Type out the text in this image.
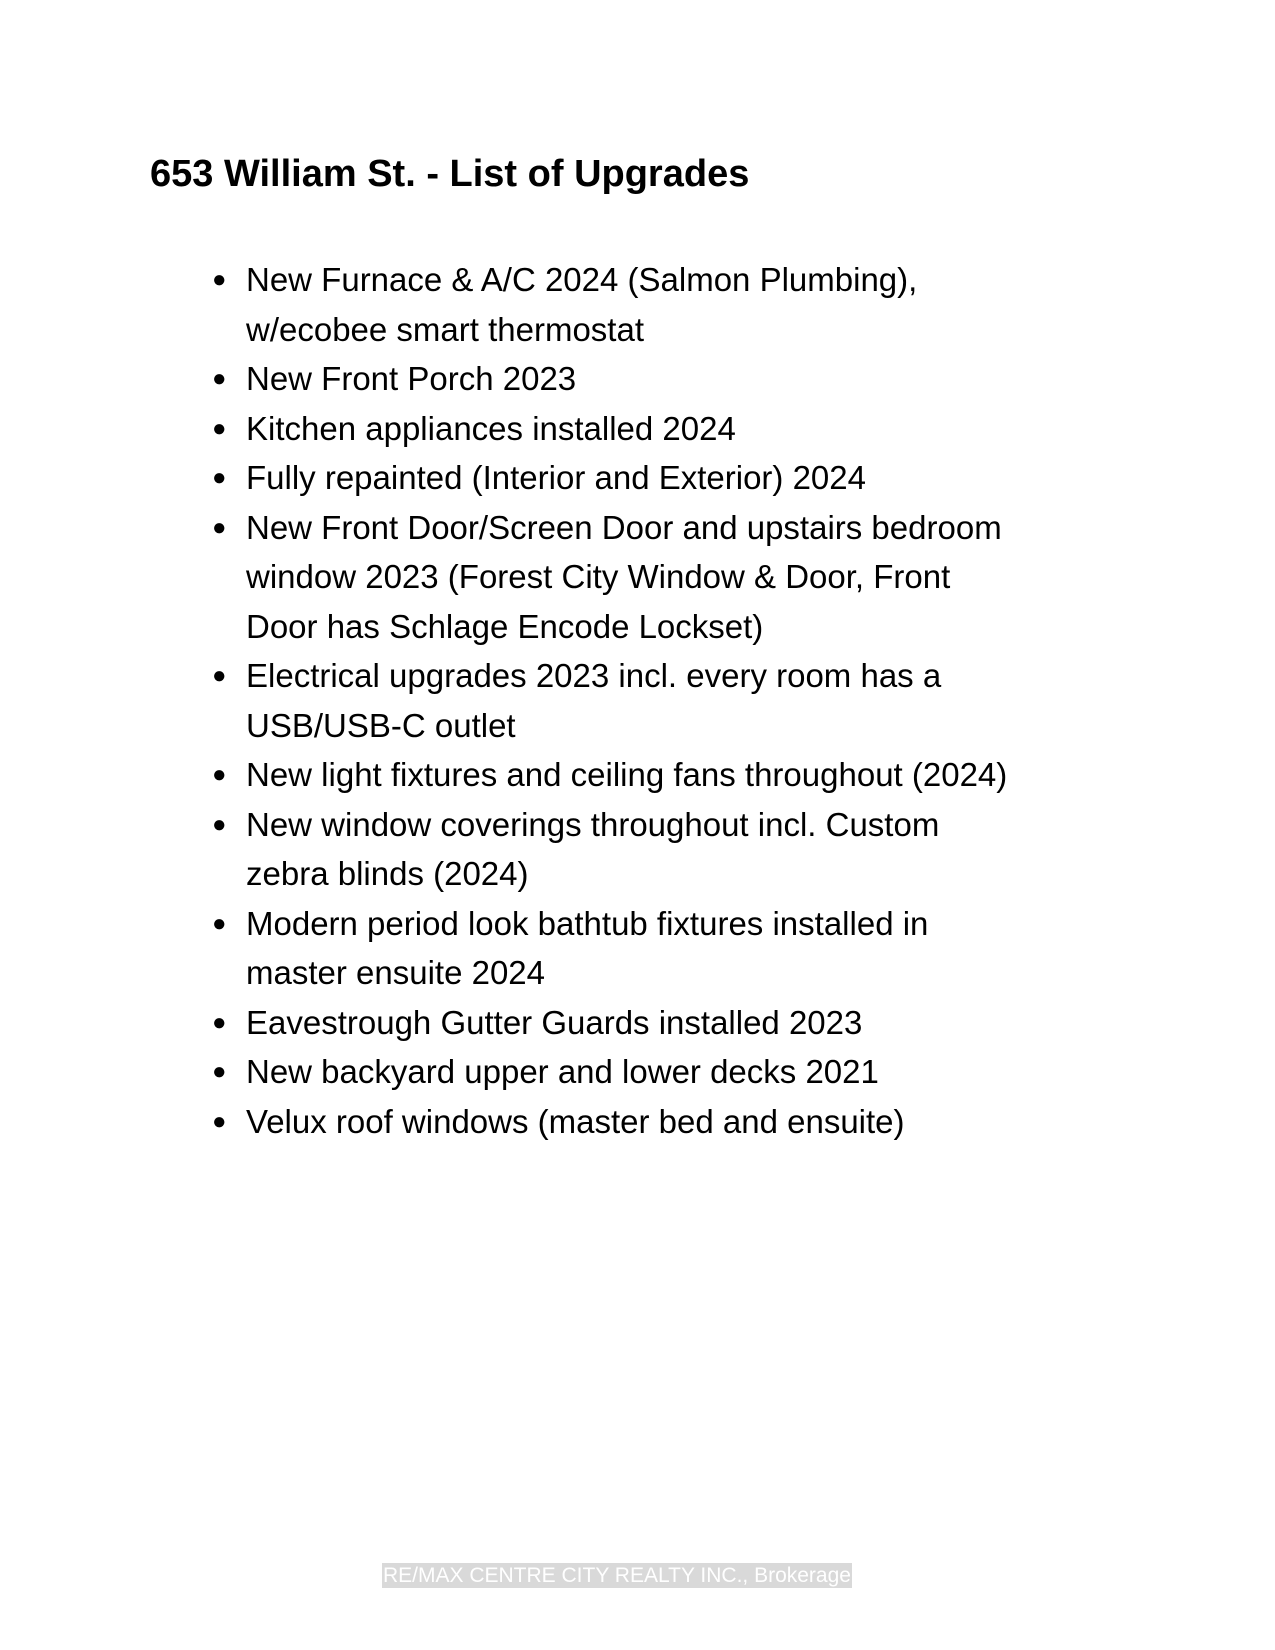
653 William St. - List of Upgrades
● New Furnace & A/C 2024 (Salmon Plumbing),
w/ecobee smart thermostat
● New Front Porch 2023
● Kitchen appliances installed 2024
● Fully repainted (Interior and Exterior) 2024
● New Front Door/Screen Door and upstairs bedroom
window 2023 (Forest City Window & Door, Front
Door has Schlage Encode Lockset)
● Electrical upgrades 2023 incl. every room has a
USB/USB-C outlet
● New light fixtures and ceiling fans throughout (2024)
● New window coverings throughout incl. Custom
zebra blinds (2024)
● Modern period look bathtub fixtures installed in
master ensuite 2024
● Eavestrough Gutter Guards installed 2023
● New backyard upper and lower decks 2021
● Velux roof windows (master bed and ensuite)
RE/MAX CENTRE CITY REALTY INC., Brokerage
